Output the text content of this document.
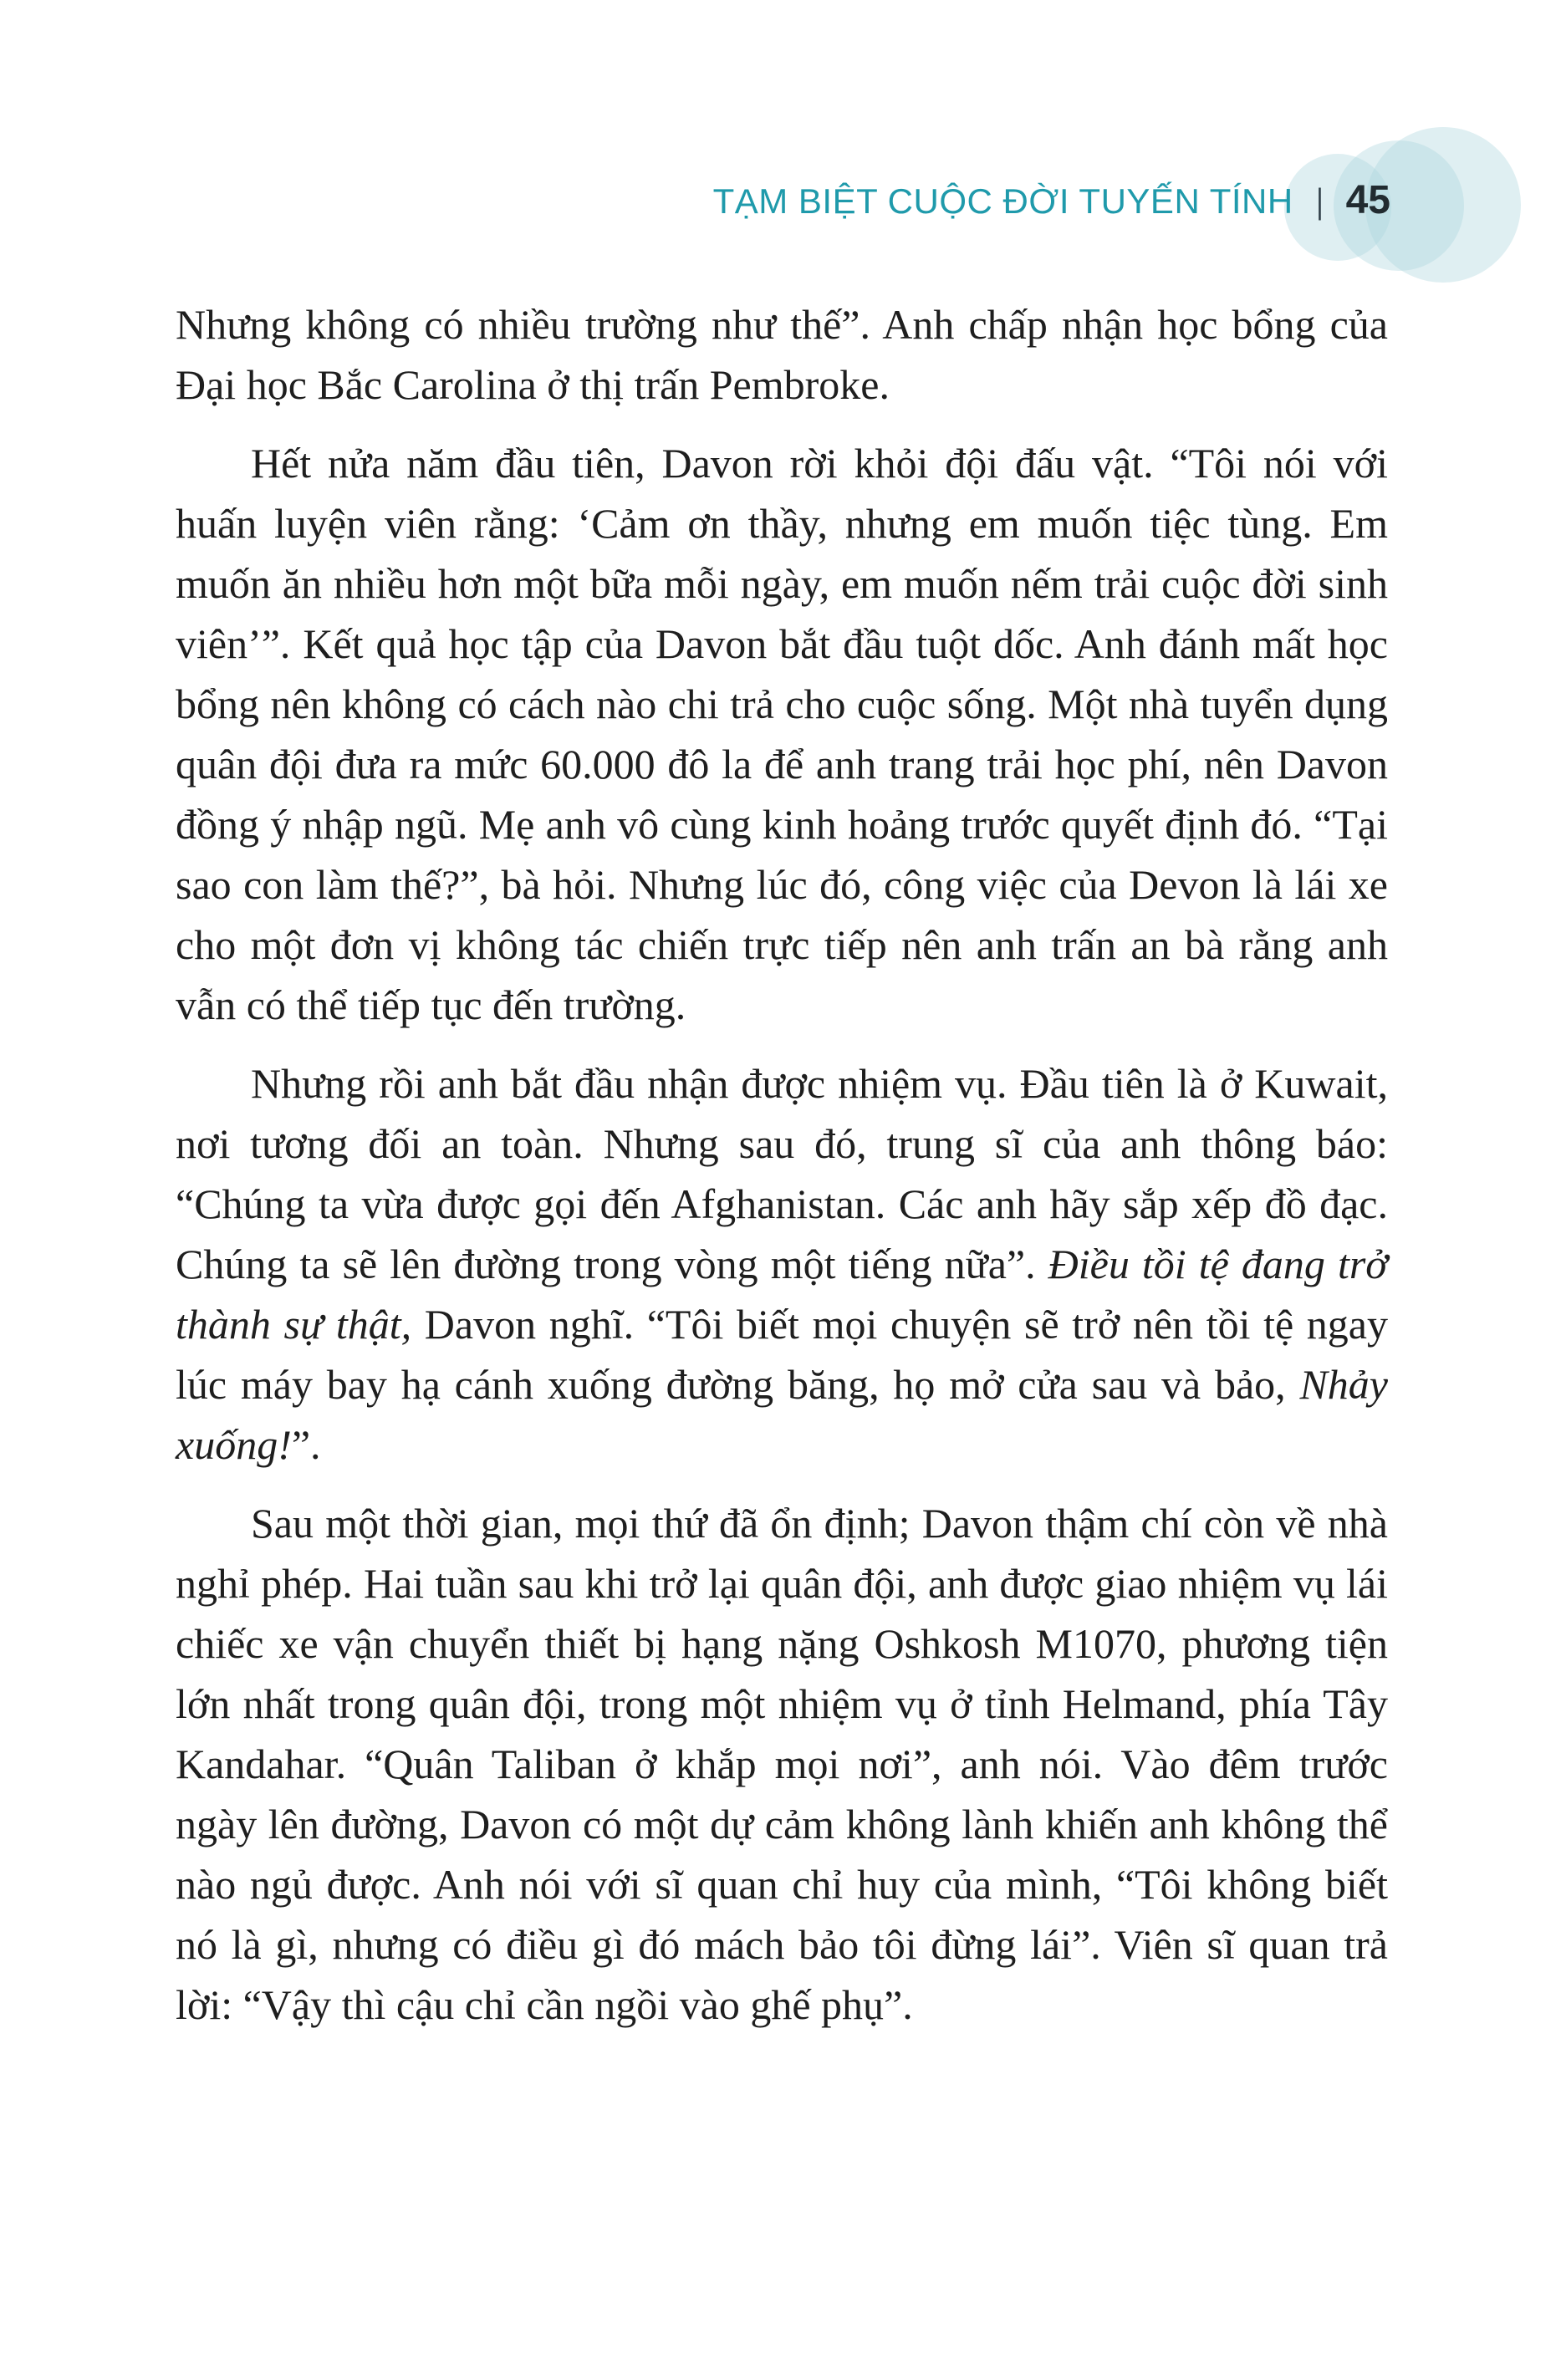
TẠM BIỆT CUỘC ĐỜI TUYẾN TÍNH | 45

Nhưng không có nhiều trường như thế”. Anh chấp nhận học bổng của Đại học Bắc Carolina ở thị trấn Pembroke.

Hết nửa năm đầu tiên, Davon rời khỏi đội đấu vật. “Tôi nói với huấn luyện viên rằng: ‘Cảm ơn thầy, nhưng em muốn tiệc tùng. Em muốn ăn nhiều hơn một bữa mỗi ngày, em muốn nếm trải cuộc đời sinh viên’”. Kết quả học tập của Davon bắt đầu tuột dốc. Anh đánh mất học bổng nên không có cách nào chi trả cho cuộc sống. Một nhà tuyển dụng quân đội đưa ra mức 60.000 đô la để anh trang trải học phí, nên Davon đồng ý nhập ngũ. Mẹ anh vô cùng kinh hoảng trước quyết định đó. “Tại sao con làm thế?”, bà hỏi. Nhưng lúc đó, công việc của Devon là lái xe cho một đơn vị không tác chiến trực tiếp nên anh trấn an bà rằng anh vẫn có thể tiếp tục đến trường.

Nhưng rồi anh bắt đầu nhận được nhiệm vụ. Đầu tiên là ở Kuwait, nơi tương đối an toàn. Nhưng sau đó, trung sĩ của anh thông báo: “Chúng ta vừa được gọi đến Afghanistan. Các anh hãy sắp xếp đồ đạc. Chúng ta sẽ lên đường trong vòng một tiếng nữa”. Điều tồi tệ đang trở thành sự thật, Davon nghĩ. “Tôi biết mọi chuyện sẽ trở nên tồi tệ ngay lúc máy bay hạ cánh xuống đường băng, họ mở cửa sau và bảo, Nhảy xuống!”.

Sau một thời gian, mọi thứ đã ổn định; Davon thậm chí còn về nhà nghỉ phép. Hai tuần sau khi trở lại quân đội, anh được giao nhiệm vụ lái chiếc xe vận chuyển thiết bị hạng nặng Oshkosh M1070, phương tiện lớn nhất trong quân đội, trong một nhiệm vụ ở tỉnh Helmand, phía Tây Kandahar. “Quân Taliban ở khắp mọi nơi”, anh nói. Vào đêm trước ngày lên đường, Davon có một dự cảm không lành khiến anh không thể nào ngủ được. Anh nói với sĩ quan chỉ huy của mình, “Tôi không biết nó là gì, nhưng có điều gì đó mách bảo tôi đừng lái”. Viên sĩ quan trả lời: “Vậy thì cậu chỉ cần ngồi vào ghế phụ”.
